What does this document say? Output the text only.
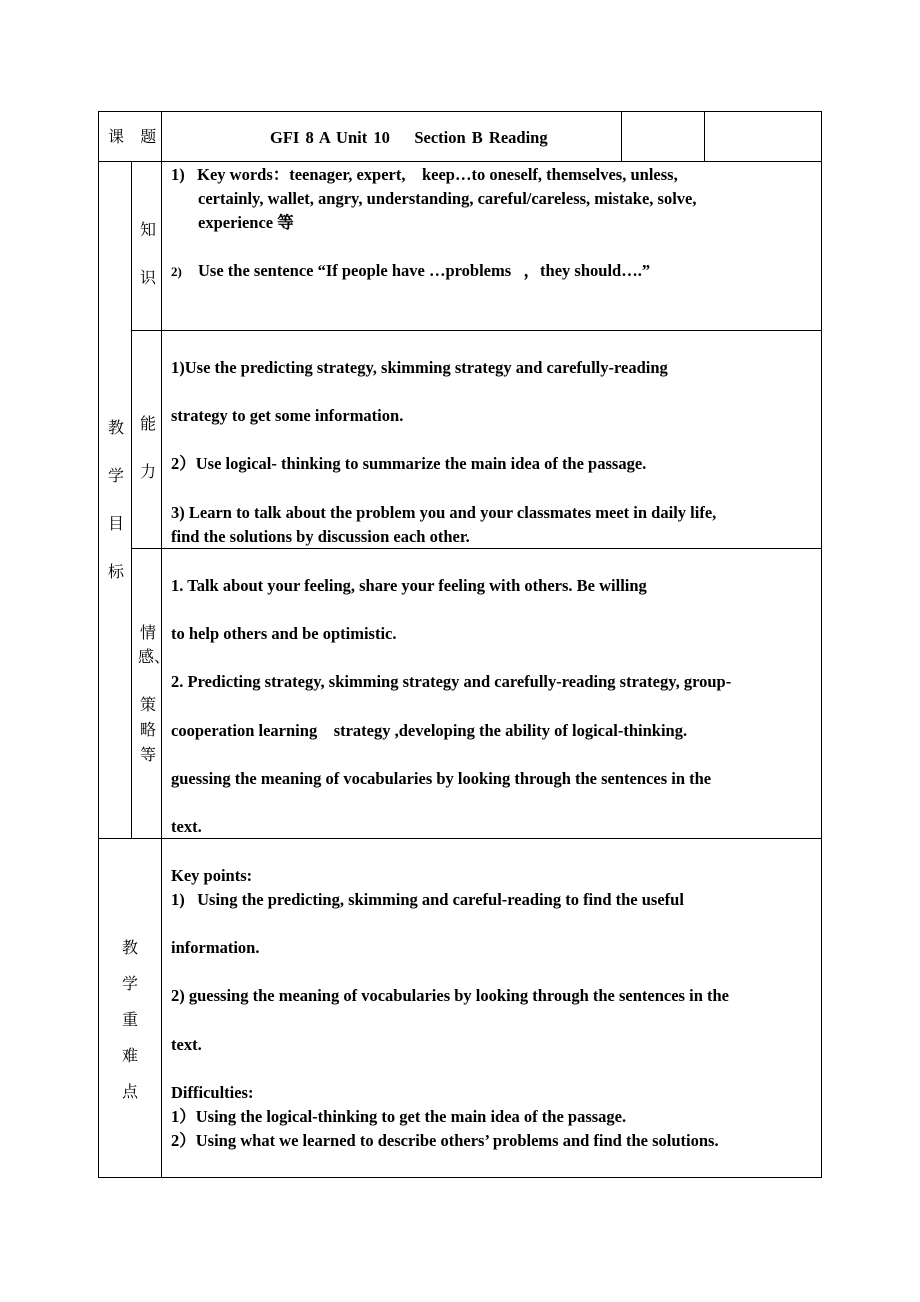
课 题	GFI 8 A Unit 10    Section B Reading
教
学
目
标
知
识
1)   Key words：teenager, expert,    keep…to oneself, themselves, unless,
certainly, wallet, angry, understanding, careful/careless, mistake, solve,
experience 等
2) Use the sentence “If people have …problems   ，they should….”
能
力
1)Use the predicting strategy, skimming strategy and carefully-reading
strategy to get some information.
2）Use logical- thinking to summarize the main idea of the passage.
3) Learn to talk about the problem you and your classmates meet in daily life,
find the solutions by discussion each other.
情
感、
策
略
等
1. Talk about your feeling, share your feeling with others. Be willing
to help others and be optimistic.
2. Predicting strategy, skimming strategy and carefully-reading strategy, group-
cooperation learning    strategy ,developing the ability of logical-thinking.
guessing the meaning of vocabularies by looking through the sentences in the
text.
教
学
重
难
点
Key points:
1)   Using the predicting, skimming and careful-reading to find the useful
information.
2) guessing the meaning of vocabularies by looking through the sentences in the
text.
Difficulties:
1）Using the logical-thinking to get the main idea of the passage.
2）Using what we learned to describe others’ problems and find the solutions.
